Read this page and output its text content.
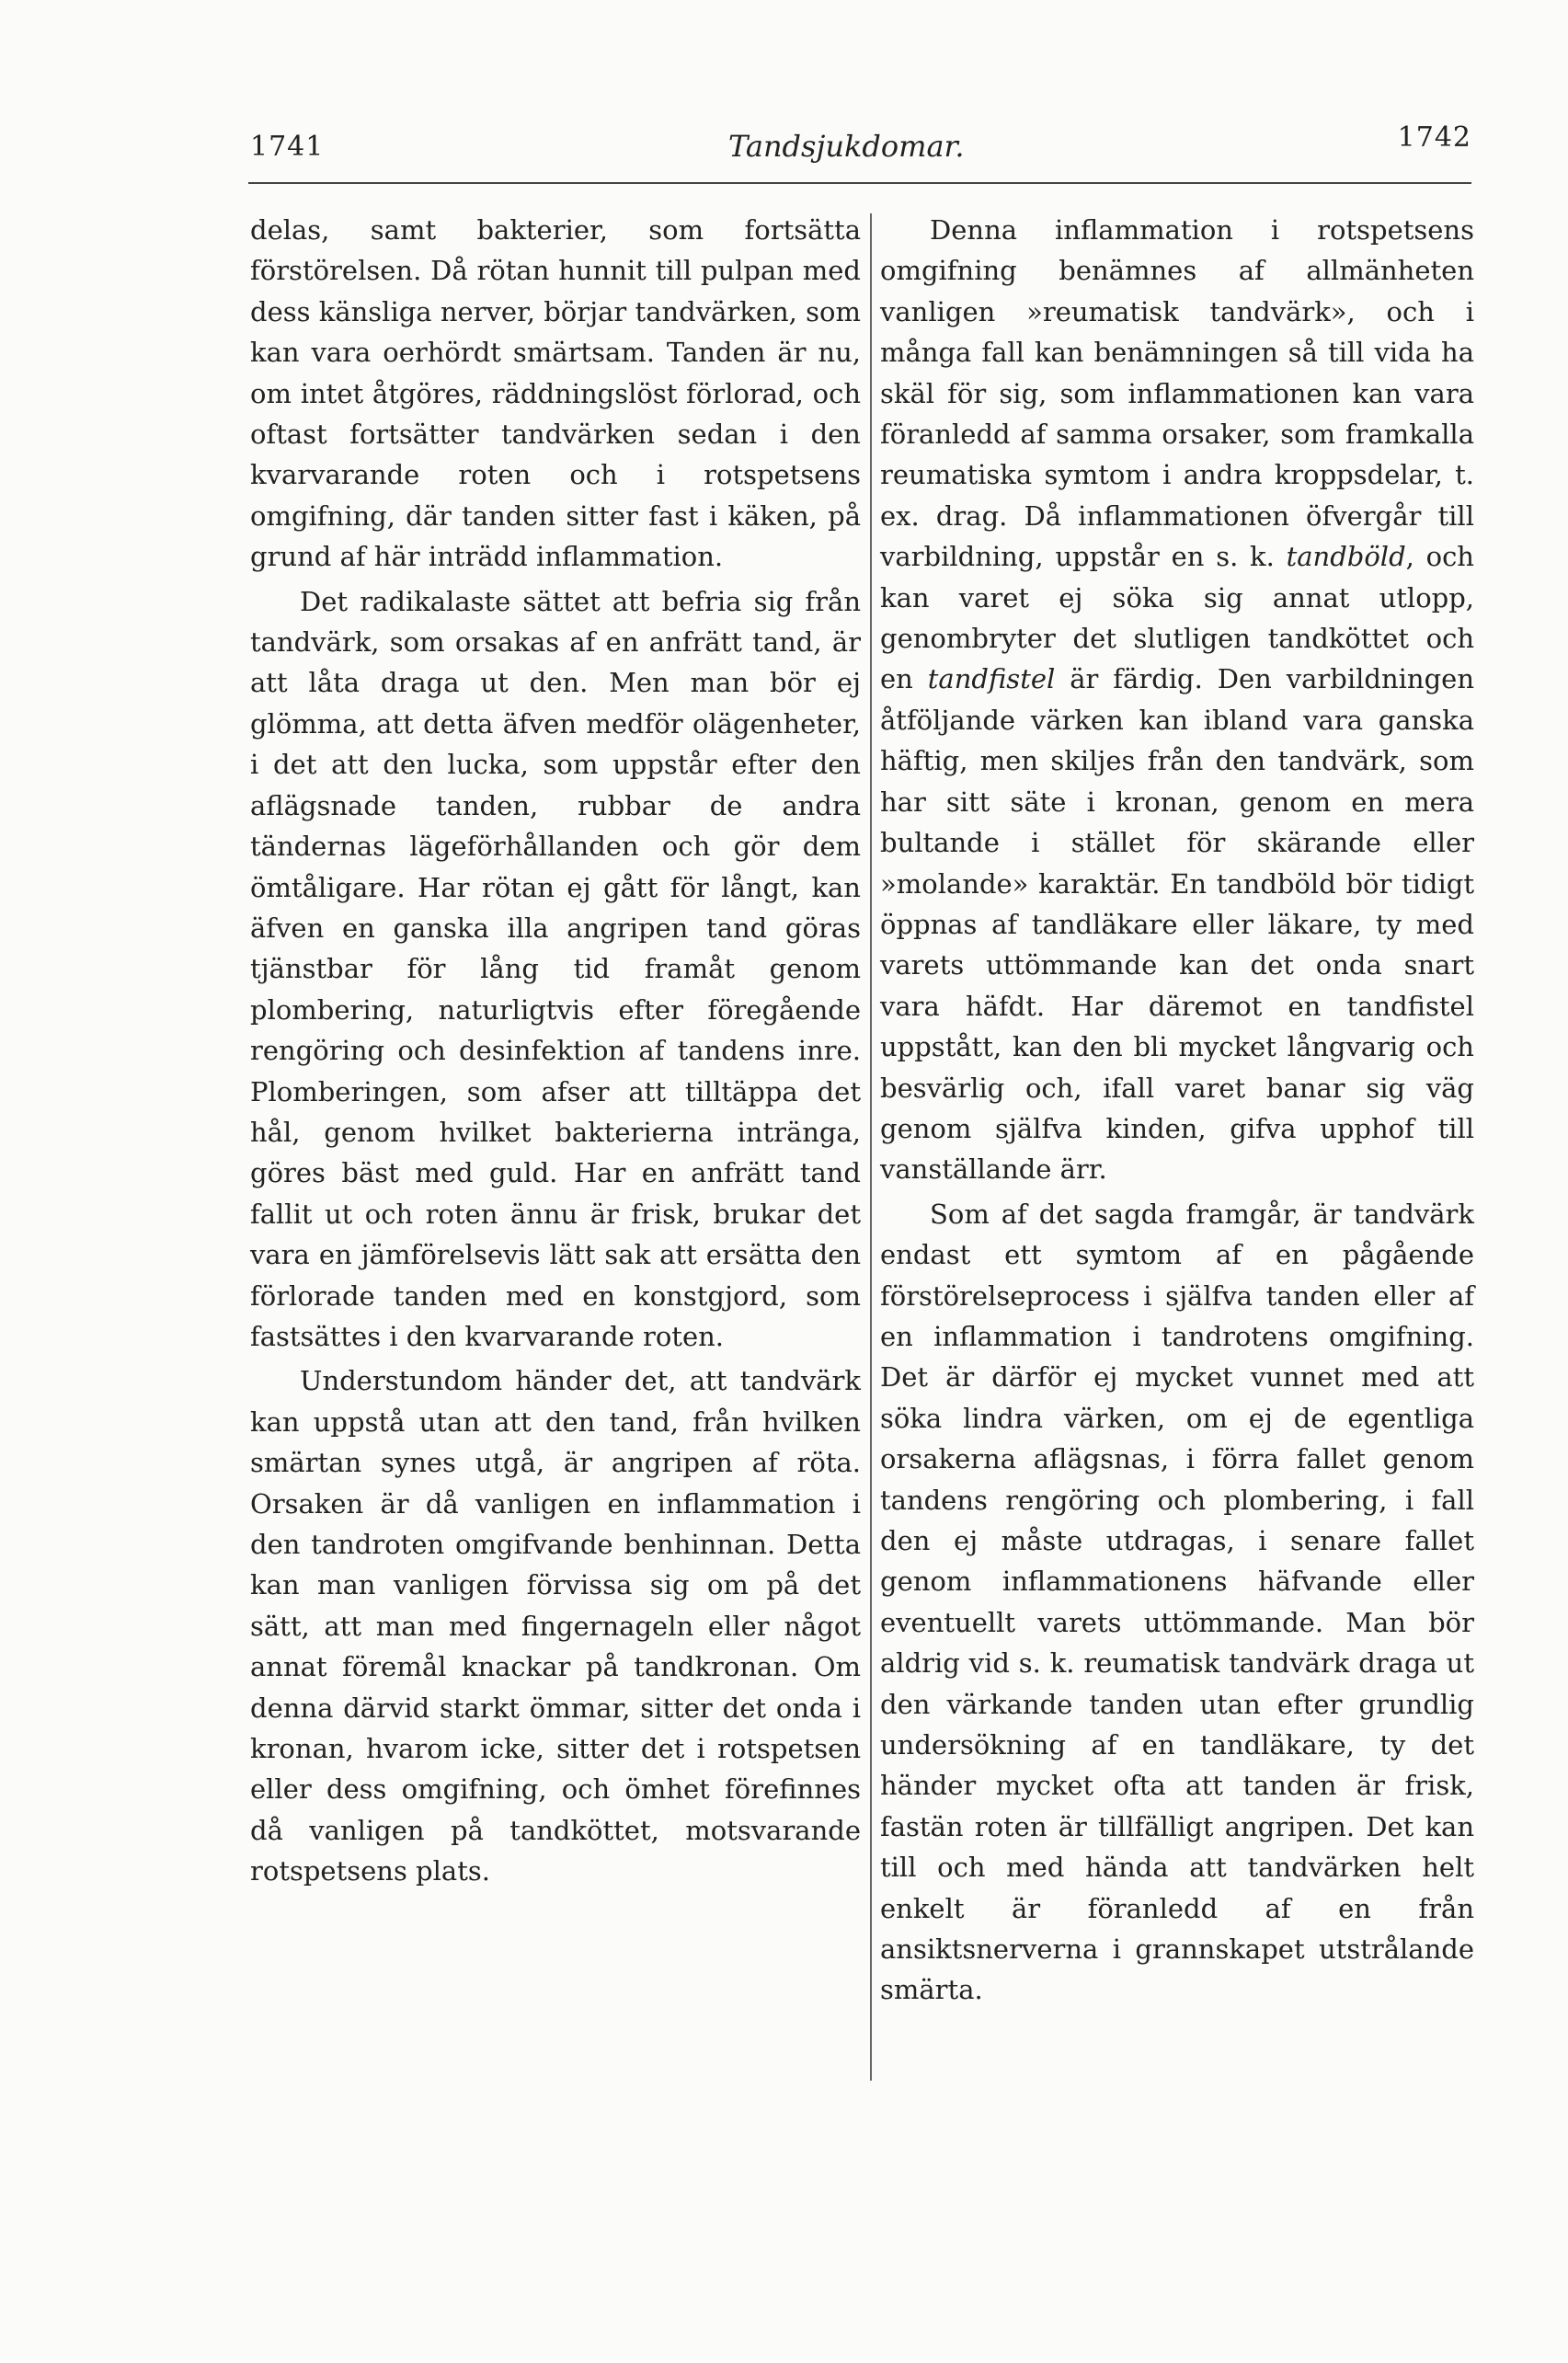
1741	Tandsjukdomar.	1742

delas, samt bakterier, som fortsätta förstörelsen. Då rötan hunnit till pulpan med dess känsliga nerver, börjar tandvärken, som kan vara oerhördt smärtsam. Tanden är nu, om intet åtgöres, räddningslöst förlorad, och oftast fortsätter tandvärken sedan i den kvarvarande roten och i rotspetsens omgifning, där tanden sitter fast i käken, på grund af här inträdd inflammation.

Det radikalaste sättet att befria sig från tandvärk, som orsakas af en anfrätt tand, är att låta draga ut den. Men man bör ej glömma, att detta äfven medför olägenheter, i det att den lucka, som uppstår efter den aflägsnade tanden, rubbar de andra tändernas lägeförhållanden och gör dem ömtåligare. Har rötan ej gått för långt, kan äfven en ganska illa angripen tand göras tjänstbar för lång tid framåt genom plombering, naturligtvis efter föregående rengöring och desinfektion af tandens inre. Plomberingen, som afser att tilltäppa det hål, genom hvilket bakterierna inträngа, göres bäst med guld. Har en anfrätt tand fallit ut och roten ännu är frisk, brukar det vara en jämförelsevis lätt sak att ersätta den förlorade tanden med en konstgjord, som fastsättes i den kvarvarande roten.

Understundom händer det, att tandvärk kan uppstå utan att den tand, från hvilken smärtan synes utgå, är angripen af röta. Orsaken är då vanligen en inflammation i den tandroten omgifvande benhinnan. Detta kan man vanligen förvissa sig om på det sätt, att man med fingernageln eller något annat föremål knackar på tandkronan. Om denna därvid starkt ömmar, sitter det onda i kronan, hvarom icke, sitter det i rotspetsen eller dess omgifning, och ömhet förefinnes då vanligen på tandköttet, motsvarande rotspetsens plats.

Denna inflammation i rotspetsens omgifning benämnes af allmänheten vanligen »reumatisk tandvärk», och i många fall kan benämningen så till vida ha skäl för sig, som inflammationen kan vara föranledd af samma orsaker, som framkalla reumatiska symtom i andra kroppsdelar, t. ex. drag. Då inflammationen öfvergår till varbildning, uppstår en s. k. tandböld, och kan varet ej söka sig annat utlopp, genombryter det slutligen tandköttet och en tandfistel är färdig. Den varbildningen åtföljande värken kan ibland vara ganska häftig, men skiljes från den tandvärk, som har sitt säte i kronan, genom en mera bultande i stället för skärande eller »molande» karaktär. En tandböld bör tidigt öppnas af tandläkare eller läkare, ty med varets uttömmande kan det onda snart vara häfdt. Har däremot en tandfistel uppstått, kan den bli mycket långvarig och besvärlig och, ifall varet banar sig väg genom själfva kinden, gifva upphof till vanställande ärr.

Som af det sagda framgår, är tandvärk endast ett symtom af en pågående förstörelseprocess i själfva tanden eller af en inflammation i tandrotens omgifning. Det är därför ej mycket vunnet med att söka lindra värken, om ej de egentliga orsakerna aflägsnas, i förra fallet genom tandens rengöring och plombering, i fall den ej måste utdragas, i senare fallet genom inflammationens häfvande eller eventuellt varets uttömmande. Man bör aldrig vid s. k. reumatisk tandvärk draga ut den värkande tanden utan efter grundlig undersökning af en tandläkare, ty det händer mycket ofta att tanden är frisk, fastän roten är tillfälligt angripen. Det kan till och med hända att tandvärken helt enkelt är föranledd af en från ansiktsnerverna i grannskapet utstrålande smärta.
